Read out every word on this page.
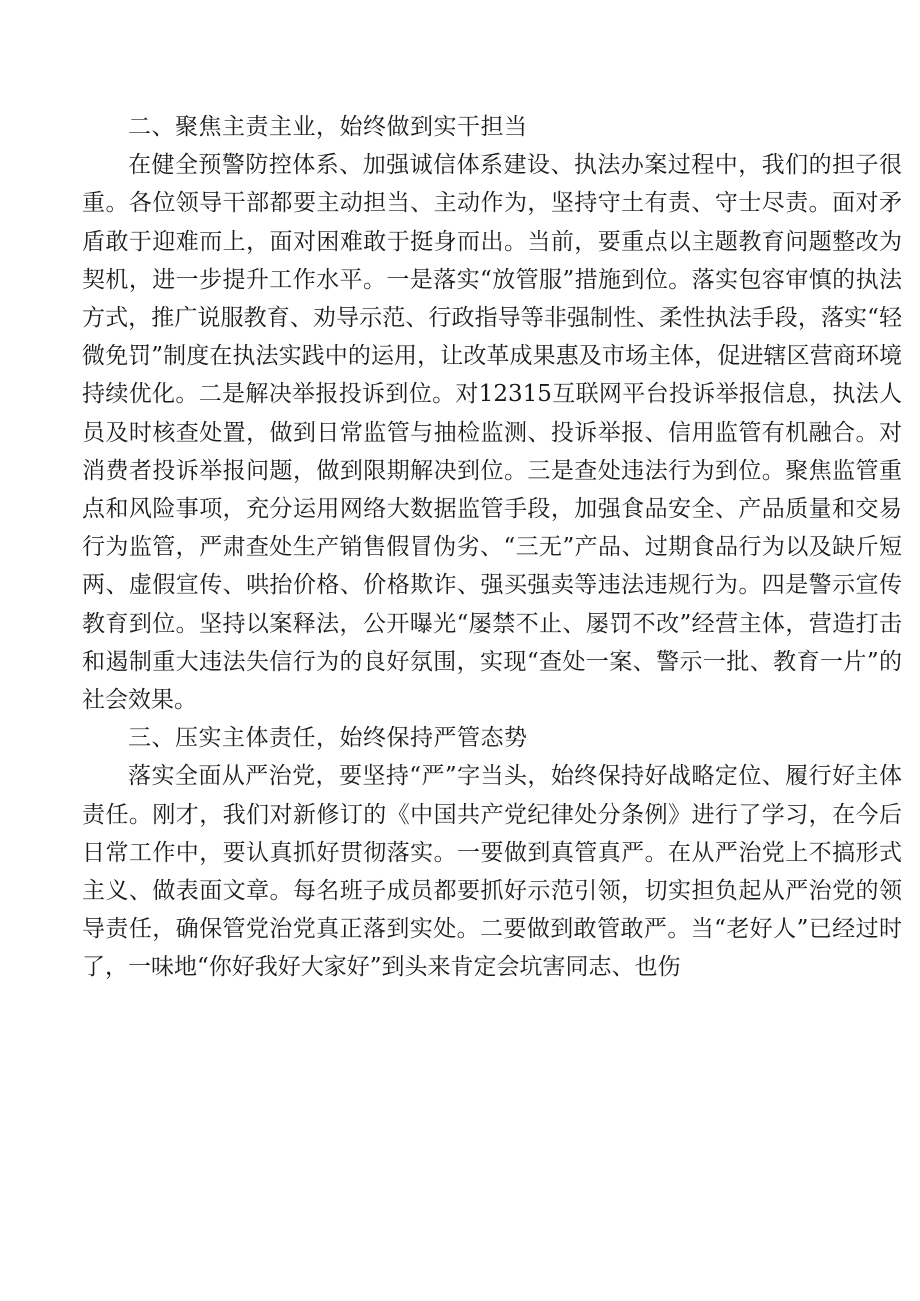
二、聚焦主责主业，始终做到实干担当

在健全预警防控体系、加强诚信体系建设、执法办案过程中，我们的担子很重。各位领导干部都要主动担当、主动作为，坚持守土有责、守士尽责。面对矛盾敢于迎难而上，面对困难敢于挺身而出。当前，要重点以主题教育问题整改为契机，进一步提升工作水平。一是落实“放管服”措施到位。落实包容审慎的执法方式，推广说服教育、劝导示范、行政指导等非强制性、柔性执法手段，落实“轻微免罚”制度在执法实践中的运用，让改革成果惠及市场主体，促进辖区营商环境持续优化。二是解决举报投诉到位。对12315互联网平台投诉举报信息，执法人员及时核查处置，做到日常监管与抽检监测、投诉举报、信用监管有机融合。对消费者投诉举报问题，做到限期解决到位。三是查处违法行为到位。聚焦监管重点和风险事项，充分运用网络大数据监管手段，加强食品安全、产品质量和交易行为监管，严肃查处生产销售假冒伪劣、“三无”产品、过期食品行为以及缺斤短两、虚假宣传、哄抬价格、价格欺诈、强买强卖等违法违规行为。四是警示宣传教育到位。坚持以案释法，公开曝光“屡禁不止、屡罚不改”经营主体，营造打击和遏制重大违法失信行为的良好氛围，实现“查处一案、警示一批、教育一片”的社会效果。

三、压实主体责任，始终保持严管态势

落实全面从严治党，要坚持“严”字当头，始终保持好战略定位、履行好主体责任。刚才，我们对新修订的《中国共产党纪律处分条例》进行了学习，在今后日常工作中，要认真抓好贯彻落实。一要做到真管真严。在从严治党上不搞形式主义、做表面文章。每名班子成员都要抓好示范引领，切实担负起从严治党的领导责任，确保管党治党真正落到实处。二要做到敢管敢严。当“老好人”已经过时了，一味地“你好我好大家好”到头来肯定会坑害同志、也伤
